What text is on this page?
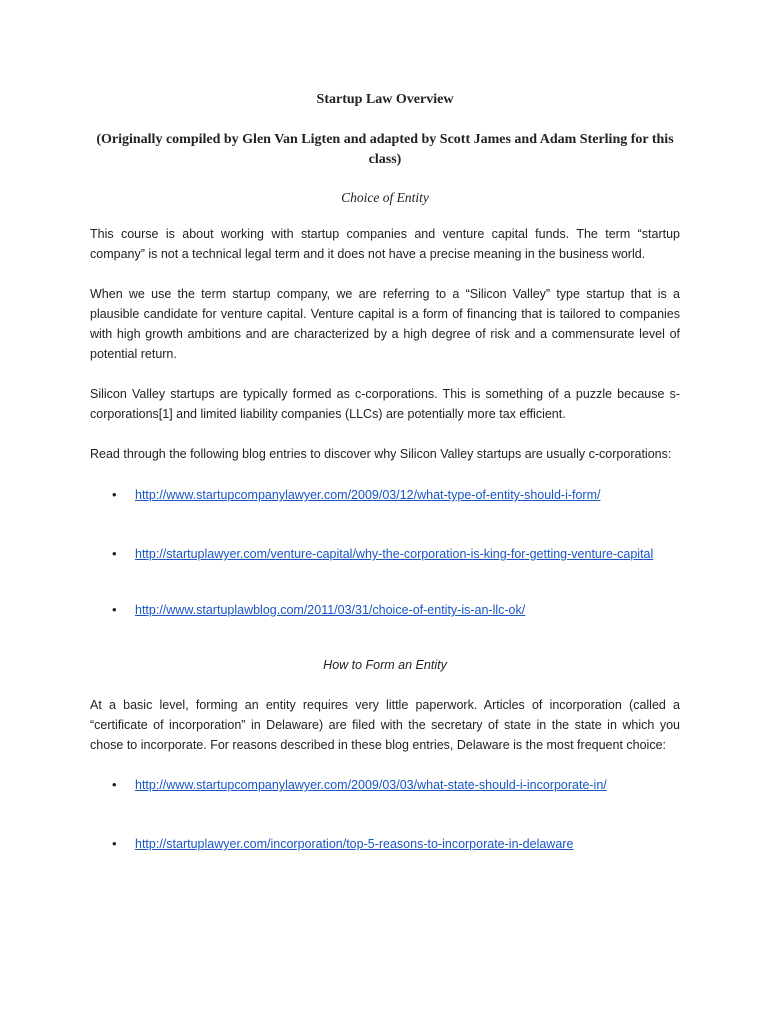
Startup Law Overview

(Originally compiled by Glen Van Ligten and adapted by Scott James and Adam Sterling for this class)

Choice of Entity

This course is about working with startup companies and venture capital funds. The term “startup company” is not a technical legal term and it does not have a precise meaning in the business world.

When we use the term startup company, we are referring to a “Silicon Valley” type startup that is a plausible candidate for venture capital. Venture capital is a form of financing that is tailored to companies with high growth ambitions and are characterized by a high degree of risk and a commensurate level of potential return.

Silicon Valley startups are typically formed as c-corporations. This is something of a puzzle because s-corporations[1] and limited liability companies (LLCs) are potentially more tax efficient.

Read through the following blog entries to discover why Silicon Valley startups are usually c-corporations:

• http://www.startupcompanylawyer.com/2009/03/12/what-type-of-entity-should-i-form/
• http://startuplawyer.com/venture-capital/why-the-corporation-is-king-for-getting-venture-capital
• http://www.startuplawblog.com/2011/03/31/choice-of-entity-is-an-llc-ok/

How to Form an Entity

At a basic level, forming an entity requires very little paperwork. Articles of incorporation (called a “certificate of incorporation” in Delaware) are filed with the secretary of state in the state in which you chose to incorporate. For reasons described in these blog entries, Delaware is the most frequent choice:

• http://www.startupcompanylawyer.com/2009/03/03/what-state-should-i-incorporate-in/
• http://startuplawyer.com/incorporation/top-5-reasons-to-incorporate-in-delaware
